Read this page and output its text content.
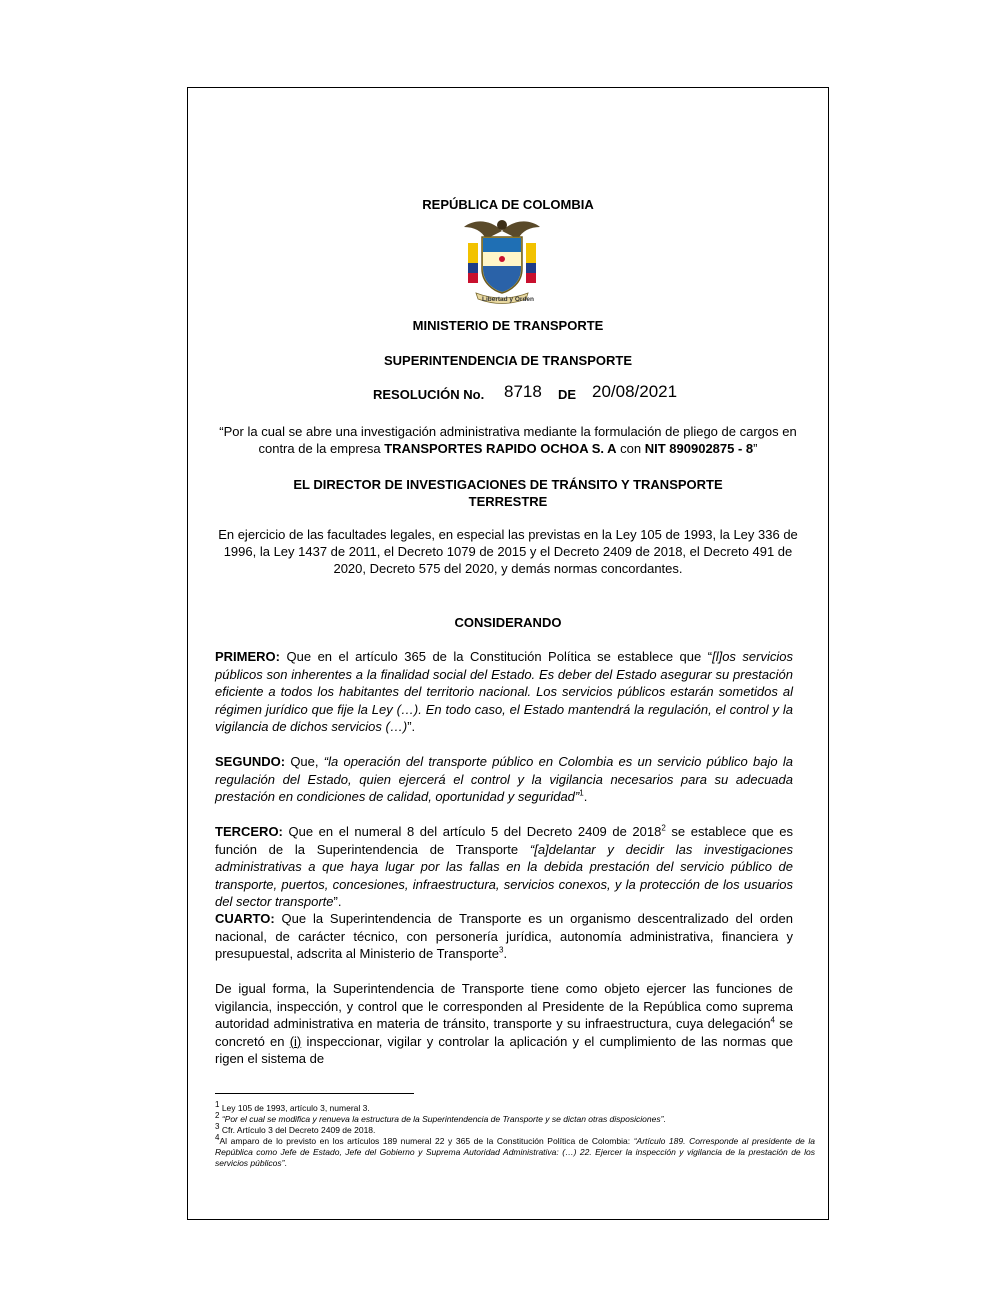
REPÚBLICA DE COLOMBIA
Libertad y Orden
MINISTERIO DE TRANSPORTE
SUPERINTENDENCIA DE TRANSPORTE
RESOLUCIÓN No. 8718 DE 20/08/2021
“Por la cual se abre una investigación administrativa mediante la formulación de pliego de cargos en
contra de la empresa TRANSPORTES RAPIDO OCHOA S. A con NIT 890902875 - 8”
EL DIRECTOR DE INVESTIGACIONES DE TRÁNSITO Y TRANSPORTE
TERRESTRE
En ejercicio de las facultades legales, en especial las previstas en la Ley 105 de 1993, la Ley 336 de
1996, la Ley 1437 de 2011, el Decreto 1079 de 2015 y el Decreto 2409 de 2018, el Decreto 491 de
2020, Decreto 575 del 2020, y demás normas concordantes.
CONSIDERANDO

PRIMERO: Que en el artículo 365 de la Constitución Política se establece que “[l]os servicios públicos son inherentes a la finalidad social del Estado. Es deber del Estado asegurar su prestación eficiente a todos los habitantes del territorio nacional. Los servicios públicos estarán sometidos al régimen jurídico que fije la Ley (…). En todo caso, el Estado mantendrá la regulación, el control y la vigilancia de dichos servicios (…)”.

SEGUNDO: Que, “la operación del transporte público en Colombia es un servicio público bajo la regulación del Estado, quien ejercerá el control y la vigilancia necesarios para su adecuada prestación en condiciones de calidad, oportunidad y seguridad”$^1$.

TERCERO: Que en el numeral 8 del artículo 5 del Decreto 2409 de 2018$^2$ se establece que es función de la Superintendencia de Transporte “[a]delantar y decidir las investigaciones administrativas a que haya lugar por las fallas en la debida prestación del servicio público de transporte, puertos, concesiones, infraestructura, servicios conexos, y la protección de los usuarios del sector transporte”.

CUARTO: Que la Superintendencia de Transporte es un organismo descentralizado del orden nacional, de carácter técnico, con personería jurídica, autonomía administrativa, financiera y presupuestal, adscrita al Ministerio de Transporte$^3$.

De igual forma, la Superintendencia de Transporte tiene como objeto ejercer las funciones de vigilancia, inspección, y control que le corresponden al Presidente de la República como suprema autoridad administrativa en materia de tránsito, transporte y su infraestructura, cuya delegación$^4$ se concretó en (i) inspeccionar, vigilar y controlar la aplicación y el cumplimiento de las normas que rigen el sistema de

$^1$ Ley 105 de 1993, artículo 3, numeral 3.
$^2$ “Por el cual se modifica y renueva la estructura de la Superintendencia de Transporte y se dictan otras disposiciones”.
$^3$ Cfr. Artículo 3 del Decreto 2409 de 2018.
$^4$Al amparo de lo previsto en los artículos 189 numeral 22 y 365 de la Constitución Política de Colombia: “Artículo 189. Corresponde al presidente de la República como Jefe de Estado, Jefe del Gobierno y Suprema Autoridad Administrativa: (…) 22. Ejercer la inspección y vigilancia de la prestación de los servicios públicos”.
